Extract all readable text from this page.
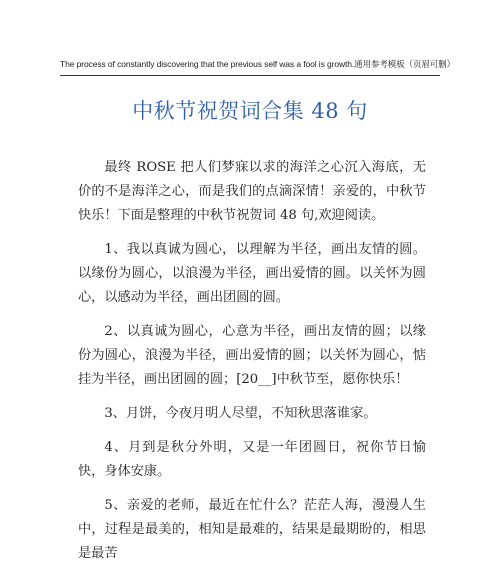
The process of constantly discovering that the previous self was a fool is growth.通用参考模板（页眉可删）
中秋节祝贺词合集 48 句

最终 ROSE 把人们梦寐以求的海洋之心沉入海底，无价的不是海洋之心，而是我们的点滴深情！亲爱的，中秋节快乐！下面是整理的中秋节祝贺词 48 句,欢迎阅读。

1、我以真诚为圆心，以理解为半径，画出友情的圆。以缘份为圆心，以浪漫为半径，画出爱情的圆。以关怀为圆心，以感动为半径，画出团圆的圆。

2、以真诚为圆心，心意为半径，画出友情的圆；以缘份为圆心，浪漫为半径，画出爱情的圆；以关怀为圆心，惦挂为半径，画出团圆的圆；[20__]中秋节至，愿你快乐！

3、月饼，今夜月明人尽望，不知秋思落谁家。

4、月到是秋分外明，又是一年团圆日，祝你节日愉快，身体安康。

5、亲爱的老师，最近在忙什么？茫茫人海，漫漫人生中，过程是最美的，相知是最难的，结果是最期盼的，相思是最苦
